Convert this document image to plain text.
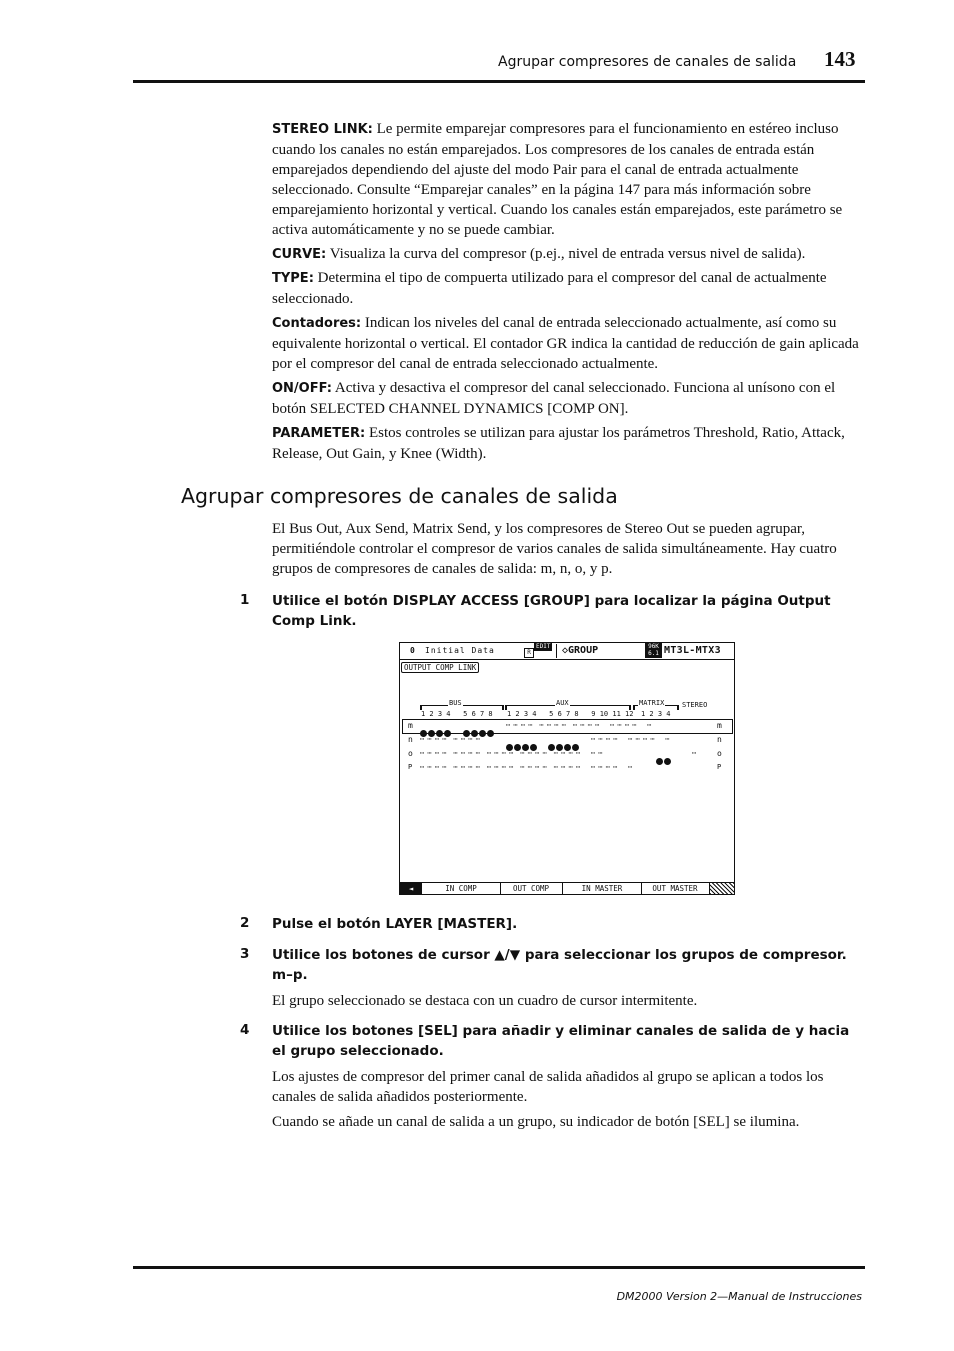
Agrupar compresores de canales de salida 143
STEREO LINK: Le permite emparejar compresores para el funcionamiento en estéreo incluso cuando los canales no están emparejados. Los compresores de los canales de entrada están emparejados dependiendo del ajuste del modo Pair para el canal de entrada actualmente seleccionado. Consulte “Emparejar canales” en la página 147 para más información sobre emparejamiento horizontal y vertical. Cuando los canales están emparejados, este parámetro se activa automáticamente y no se puede cambiar.
CURVE: Visualiza la curva del compresor (p.ej., nivel de entrada versus nivel de salida).
TYPE: Determina el tipo de compuerta utilizado para el compresor del canal de actualmente seleccionado.
Contadores: Indican los niveles del canal de entrada seleccionado actualmente, así como su equivalente horizontal o vertical. El contador GR indica la cantidad de reducción de gain aplicada por el compresor del canal de entrada seleccionado actualmente.
ON/OFF: Activa y desactiva el compresor del canal seleccionado. Funciona al unísono con el botón SELECTED CHANNEL DYNAMICS [COMP ON].
PARAMETER: Estos controles se utilizan para ajustar los parámetros Threshold, Ratio, Attack, Release, Out Gain, y Knee (Width).
Agrupar compresores de canales de salida
El Bus Out, Aux Send, Matrix Send, y los compresores de Stereo Out se pueden agrupar, permitiéndole controlar el compresor de varios canales de salida simultáneamente. Hay cuatro grupos de compresores de canales de salida: m, n, o, y p.
1 Utilice el botón DISPLAY ACCESS [GROUP] para localizar la página Output Comp Link.
0 Initial Data	R
EDIT ◇GROUP	96K
6.1 MT3L-MTX3
OUTPUT COMP LINK
BUS	AUX	MATRIX	STEREO
1 2 3 4   5 6 7 8 1 2 3 4   5 6 7 8   9 10 11 12 1 2 3 4
m	⋯ ⋯ ⋯ ⋯  ⋯ ⋯ ⋯ ⋯  ⋯ ⋯ ⋯ ⋯   ⋯ ⋯ ⋯ ⋯   ⋯	m
n ⋯ ⋯ ⋯ ⋯  ⋯ ⋯ ⋯ ⋯	⋯ ⋯ ⋯ ⋯   ⋯ ⋯ ⋯ ⋯   ⋯	n
o ⋯ ⋯ ⋯ ⋯  ⋯ ⋯ ⋯ ⋯  ⋯ ⋯ ⋯ ⋯  ⋯ ⋯ ⋯ ⋯  ⋯ ⋯ ⋯ ⋯   ⋯ ⋯	⋯	o
P ⋯ ⋯ ⋯ ⋯  ⋯ ⋯ ⋯ ⋯  ⋯ ⋯ ⋯ ⋯  ⋯ ⋯ ⋯ ⋯  ⋯ ⋯ ⋯ ⋯   ⋯ ⋯ ⋯ ⋯   ⋯	P
◄	IN COMP	OUT COMP	IN MASTER	OUT MASTER
2 Pulse el botón LAYER [MASTER].
3 Utilice los botones de cursor ▲/▼ para seleccionar los grupos de compresor. m–p.
El grupo seleccionado se destaca con un cuadro de cursor intermitente.
4 Utilice los botones [SEL] para añadir y eliminar canales de salida de y hacia el grupo seleccionado.
Los ajustes de compresor del primer canal de salida añadidos al grupo se aplican a todos los canales de salida añadidos posteriormente.
Cuando se añade un canal de salida a un grupo, su indicador de botón [SEL] se ilumina.
DM2000 Version 2—Manual de Instrucciones
